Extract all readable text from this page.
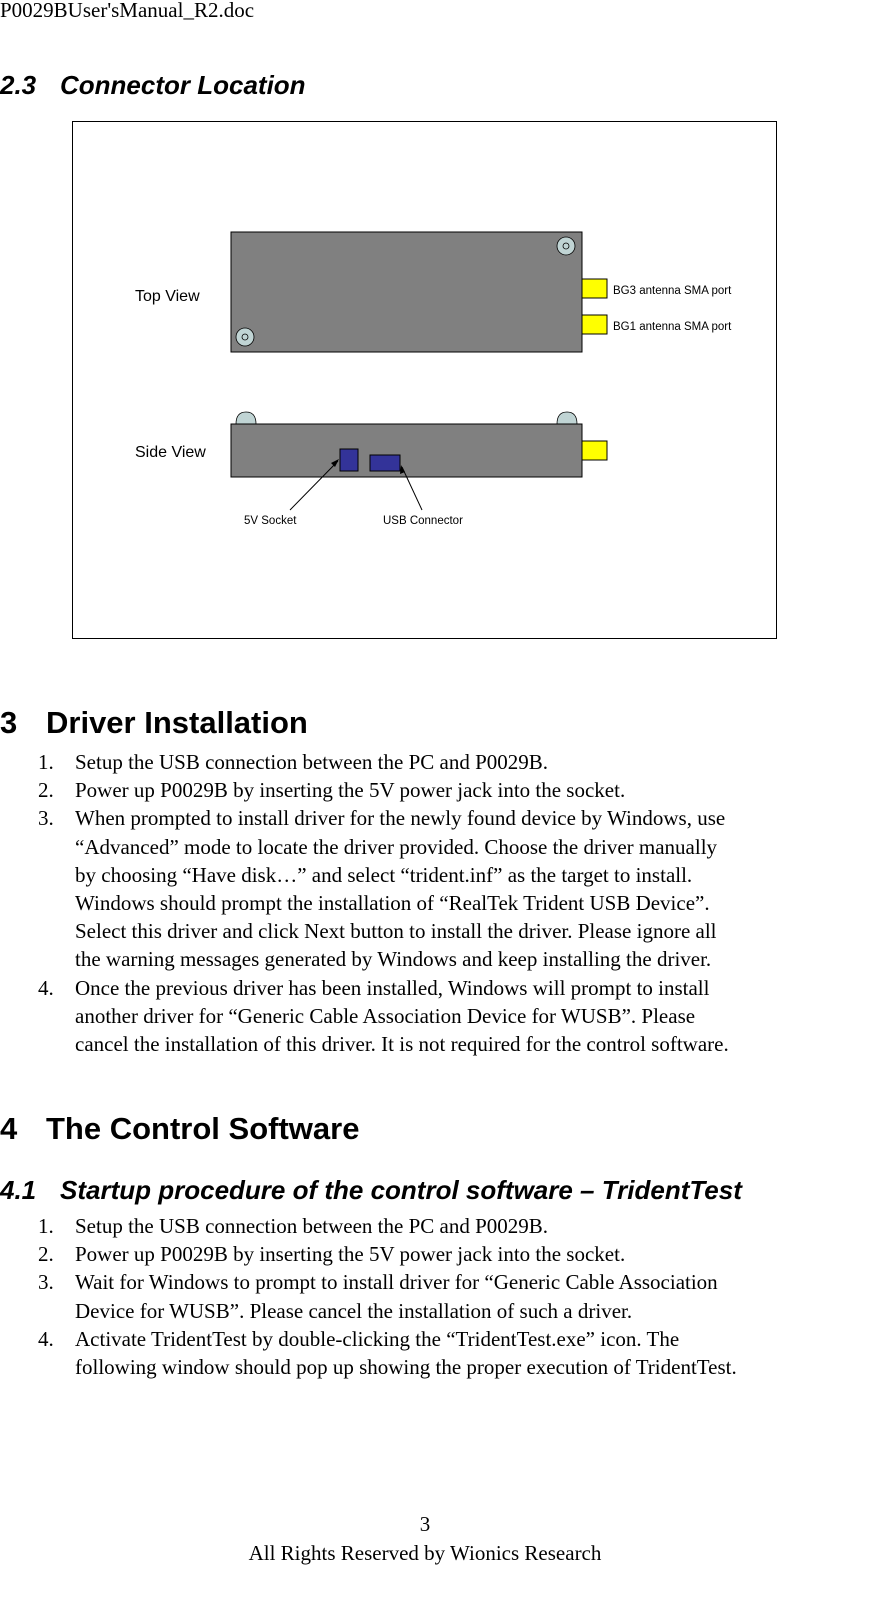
P0029BUser'sManual_R2.doc
2.3 Connector Location
Top View	BG3 antenna SMA port
BG1 antenna SMA port
Side View
5V Socket	USB Connector
3 Driver Installation
1. Setup the USB connection between the PC and P0029B.
2. Power up P0029B by inserting the 5V power jack into the socket.
3. When prompted to install driver for the newly found device by Windows, use
“Advanced” mode to locate the driver provided. Choose the driver manually
by choosing “Have disk…” and select “trident.inf” as the target to install.
Windows should prompt the installation of “RealTek Trident USB Device”.
Select this driver and click Next button to install the driver. Please ignore all
the warning messages generated by Windows and keep installing the driver.
4. Once the previous driver has been installed, Windows will prompt to install
another driver for “Generic Cable Association Device for WUSB”. Please
cancel the installation of this driver. It is not required for the control software.
4 The Control Software
4.1 Startup procedure of the control software – TridentTest
1. Setup the USB connection between the PC and P0029B.
2. Power up P0029B by inserting the 5V power jack into the socket.
3. Wait for Windows to prompt to install driver for “Generic Cable Association
Device for WUSB”. Please cancel the installation of such a driver.
4. Activate TridentTest by double-clicking the “TridentTest.exe” icon. The
following window should pop up showing the proper execution of TridentTest.
3
All Rights Reserved by Wionics Research
